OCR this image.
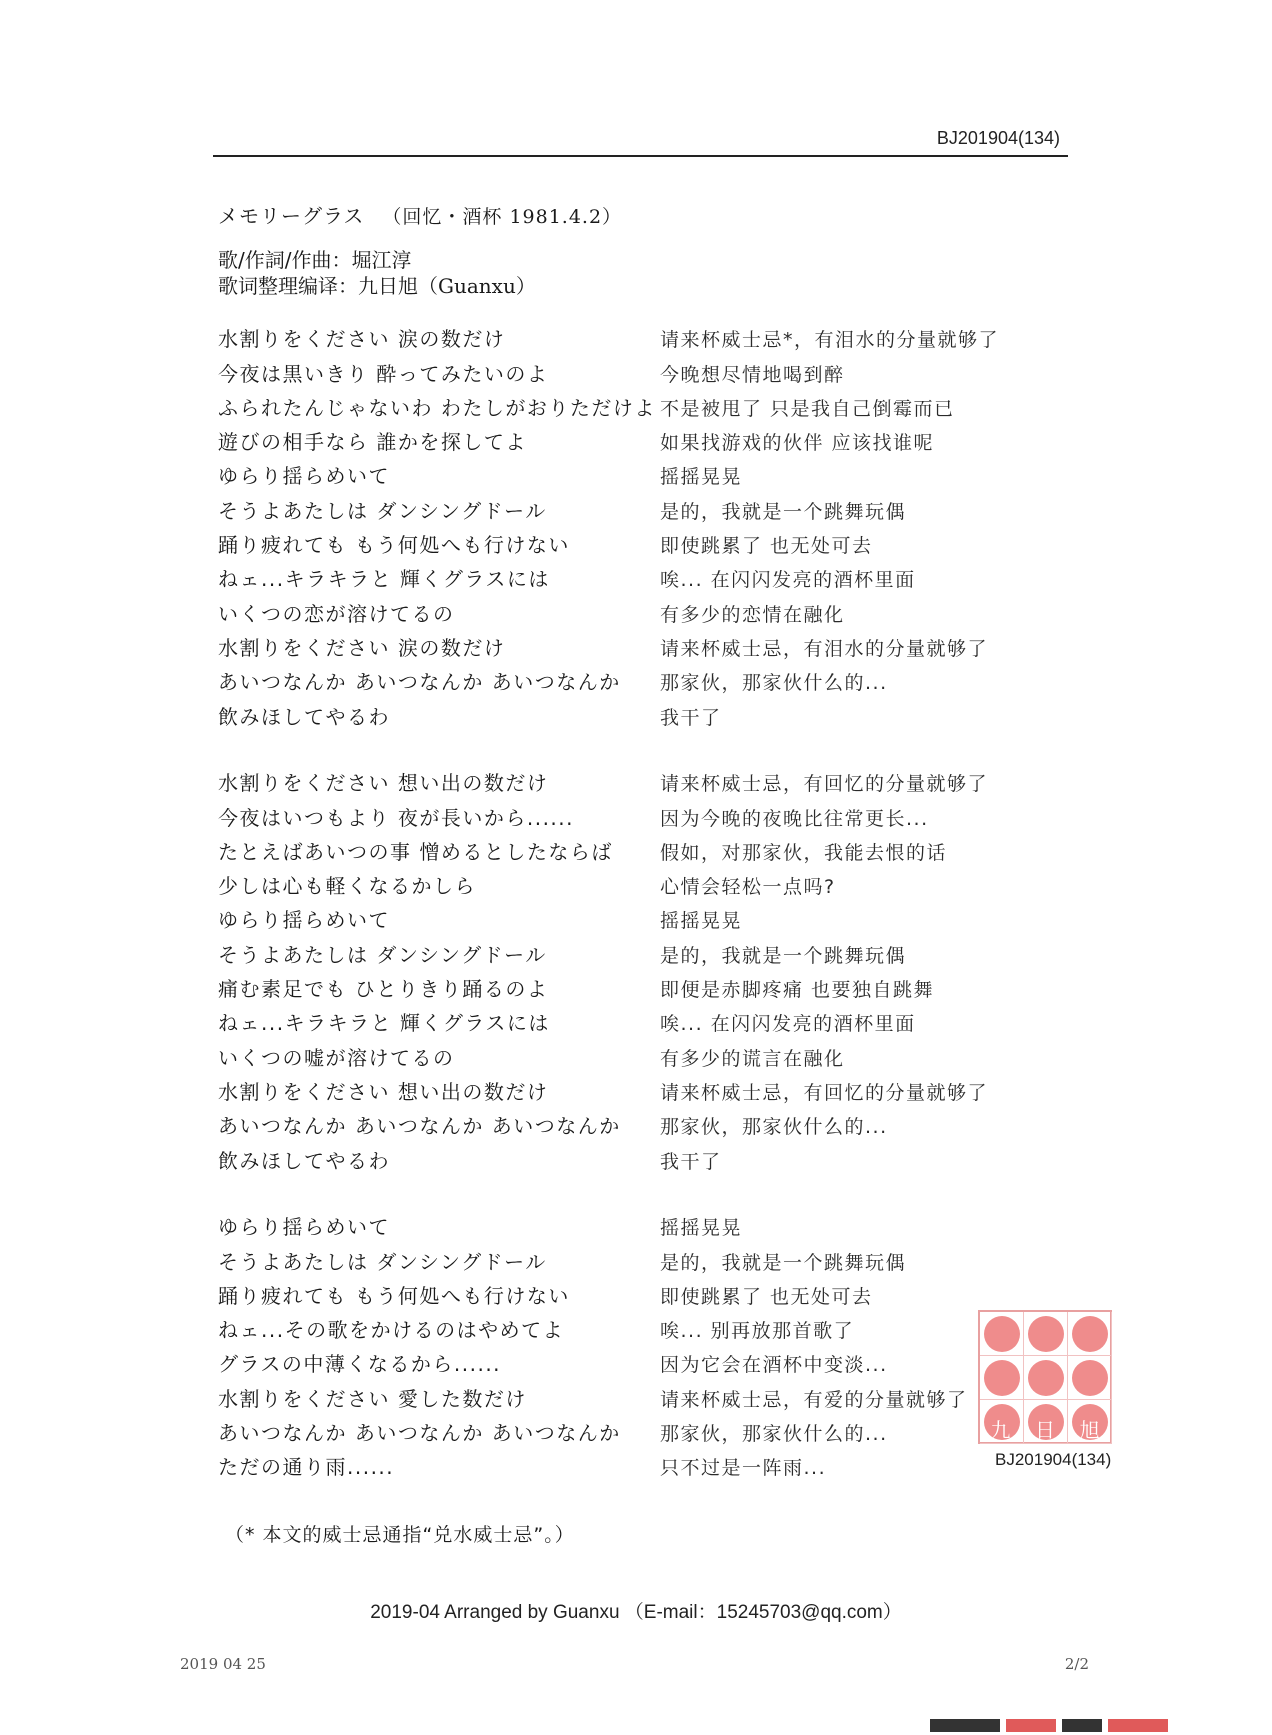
BJ201904(134)
メモリーグラス （回忆・酒杯 1981.4.2）
歌/作詞/作曲：堀江淳
歌词整理编译：九日旭（Guanxu）
水割りをください 涙の数だけ	请来杯威士忌*，有泪水的分量就够了
今夜は黒いきり 酔ってみたいのよ	今晚想尽情地喝到醉
ふられたんじゃないわ わたしがおりただけよ 不是被甩了 只是我自己倒霉而已
遊びの相手なら 誰かを探してよ	如果找游戏的伙伴 应该找谁呢
ゆらり揺らめいて	摇摇晃晃
そうよあたしは ダンシングドール	是的，我就是一个跳舞玩偶
踊り疲れても もう何処へも行けない	即使跳累了 也无处可去
ねェ...キラキラと 輝くグラスには	唉... 在闪闪发亮的酒杯里面
いくつの恋が溶けてるの	有多少的恋情在融化
水割りをください 涙の数だけ	请来杯威士忌，有泪水的分量就够了
あいつなんか あいつなんか あいつなんか 那家伙，那家伙什么的...
飲みほしてやるわ	我干了
水割りをください 想い出の数だけ	请来杯威士忌，有回忆的分量就够了
今夜はいつもより 夜が長いから......	因为今晚的夜晚比往常更长...
たとえばあいつの事 憎めるとしたならば 假如，对那家伙，我能去恨的话
少しは心も軽くなるかしら	心情会轻松一点吗?
ゆらり揺らめいて	摇摇晃晃
そうよあたしは ダンシングドール	是的，我就是一个跳舞玩偶
痛む素足でも ひとりきり踊るのよ	即便是赤脚疼痛 也要独自跳舞
ねェ...キラキラと 輝くグラスには	唉... 在闪闪发亮的酒杯里面
いくつの嘘が溶けてるの	有多少的谎言在融化
水割りをください 想い出の数だけ	请来杯威士忌，有回忆的分量就够了
あいつなんか あいつなんか あいつなんか 那家伙，那家伙什么的...
飲みほしてやるわ	我干了
ゆらり揺らめいて	摇摇晃晃
そうよあたしは ダンシングドール	是的，我就是一个跳舞玩偶
踊り疲れても もう何処へも行けない	即使跳累了 也无处可去
ねェ...その歌をかけるのはやめてよ	唉... 别再放那首歌了
グラスの中薄くなるから......	因为它会在酒杯中变淡...
水割りをください 愛した数だけ	请来杯威士忌，有爱的分量就够了
あいつなんか あいつなんか あいつなんか 那家伙，那家伙什么的...
ただの通り雨......	只不过是一阵雨...
（* 本文的威士忌通指“兑水威士忌”。）
九 日 旭
BJ201904(134)
2019-04 Arranged by Guanxu （E-mail：15245703@qq.com）
2019 04 25	2/2
